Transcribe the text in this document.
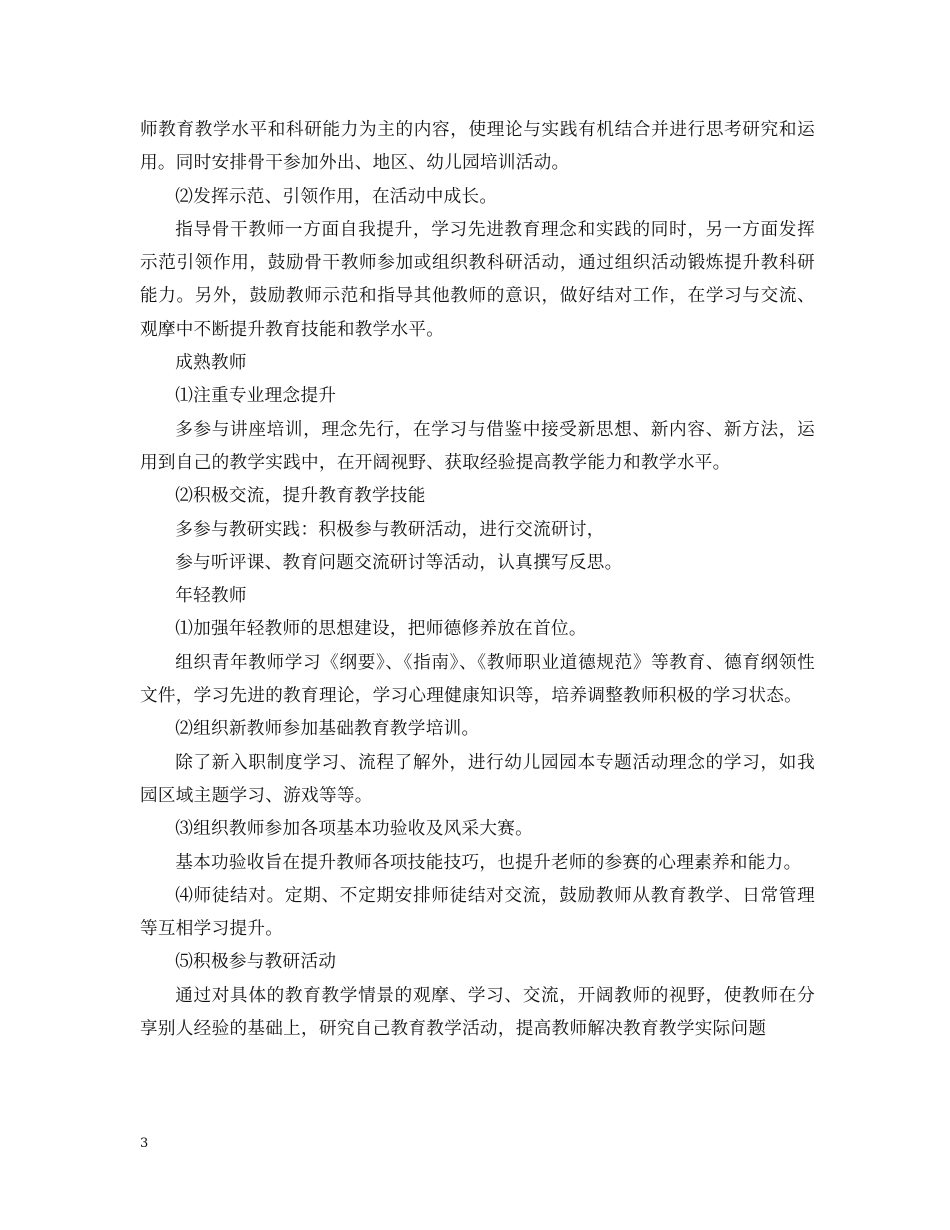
师教育教学水平和科研能力为主的内容，使理论与实践有机结合并进行思考研究和运用。同时安排骨干参加外出、地区、幼儿园培训活动。

⑵发挥示范、引领作用，在活动中成长。

指导骨干教师一方面自我提升，学习先进教育理念和实践的同时，另一方面发挥示范引领作用，鼓励骨干教师参加或组织教科研活动，通过组织活动锻炼提升教科研能力。另外，鼓励教师示范和指导其他教师的意识，做好结对工作，在学习与交流、观摩中不断提升教育技能和教学水平。

成熟教师

⑴注重专业理念提升

多参与讲座培训，理念先行，在学习与借鉴中接受新思想、新内容、新方法，运用到自己的教学实践中，在开阔视野、获取经验提高教学能力和教学水平。

⑵积极交流，提升教育教学技能

多参与教研实践：积极参与教研活动，进行交流研讨，

参与听评课、教育问题交流研讨等活动，认真撰写反思。

年轻教师

⑴加强年轻教师的思想建设，把师德修养放在首位。

组织青年教师学习《纲要》、《指南》、《教师职业道德规范》等教育、德育纲领性文件，学习先进的教育理论，学习心理健康知识等，培养调整教师积极的学习状态。

⑵组织新教师参加基础教育教学培训。

除了新入职制度学习、流程了解外，进行幼儿园园本专题活动理念的学习，如我园区域主题学习、游戏等等。

⑶组织教师参加各项基本功验收及风采大赛。

基本功验收旨在提升教师各项技能技巧，也提升老师的参赛的心理素养和能力。

⑷师徒结对。定期、不定期安排师徒结对交流，鼓励教师从教育教学、日常管理等互相学习提升。

⑸积极参与教研活动

通过对具体的教育教学情景的观摩、学习、交流，开阔教师的视野，使教师在分享别人经验的基础上，研究自己教育教学活动，提高教师解决教育教学实际问题

3
